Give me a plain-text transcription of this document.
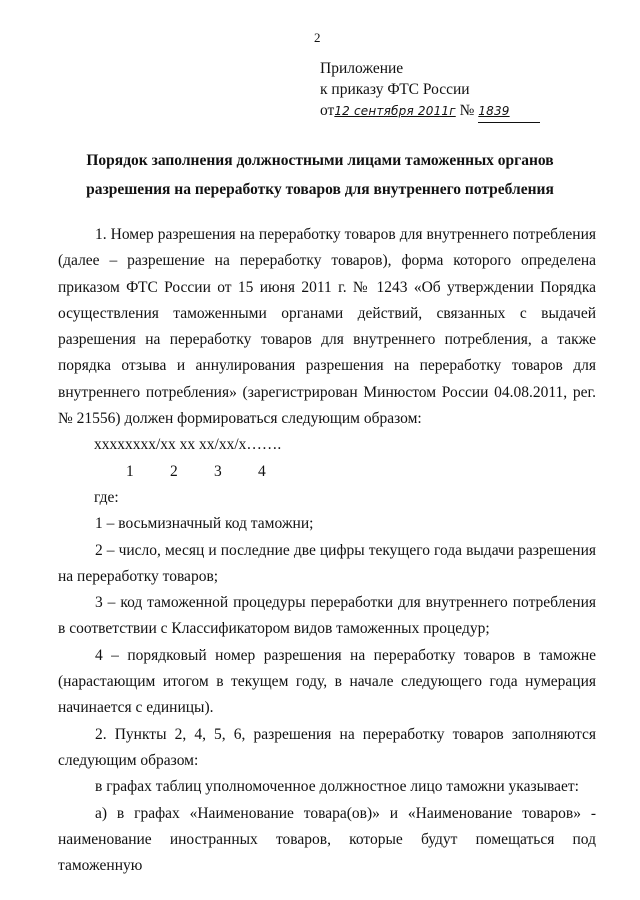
2
Приложение
к приказу ФТС России
от12 сентября 2011г № 1839
Порядок заполнения должностными лицами таможенных органов
разрешения на переработку товаров для внутреннего потребления

1. Номер разрешения на переработку товаров для внутреннего потребления (далее – разрешение на переработку товаров), форма которого определена приказом ФТС России от 15 июня 2011 г. № 1243 «Об утверждении Порядка осуществления таможенными органами действий, связанных с выдачей разрешения на переработку товаров для внутреннего потребления, а также порядка отзыва и аннулирования разрешения на переработку товаров для внутреннего потребления» (зарегистрирован Минюстом России 04.08.2011, рег. № 21556) должен формироваться следующим образом:

хххххххх/хх хх хх/хх/х…….

1 2 3 4

где:

1 – восьмизначный код таможни;

2 – число, месяц и последние две цифры текущего года выдачи разрешения на переработку товаров;

3 – код таможенной процедуры переработки для внутреннего потребления в соответствии с Классификатором видов таможенных процедур;

4 – порядковый номер разрешения на переработку товаров в таможне (нарастающим итогом в текущем году, в начале следующего года нумерация начинается с единицы).

2. Пункты 2, 4, 5, 6, разрешения на переработку товаров заполняются следующим образом:

в графах таблиц уполномоченное должностное лицо таможни указывает:

а) в графах «Наименование товара(ов)» и «Наименование товаров» - наименование иностранных товаров, которые будут помещаться под таможенную
